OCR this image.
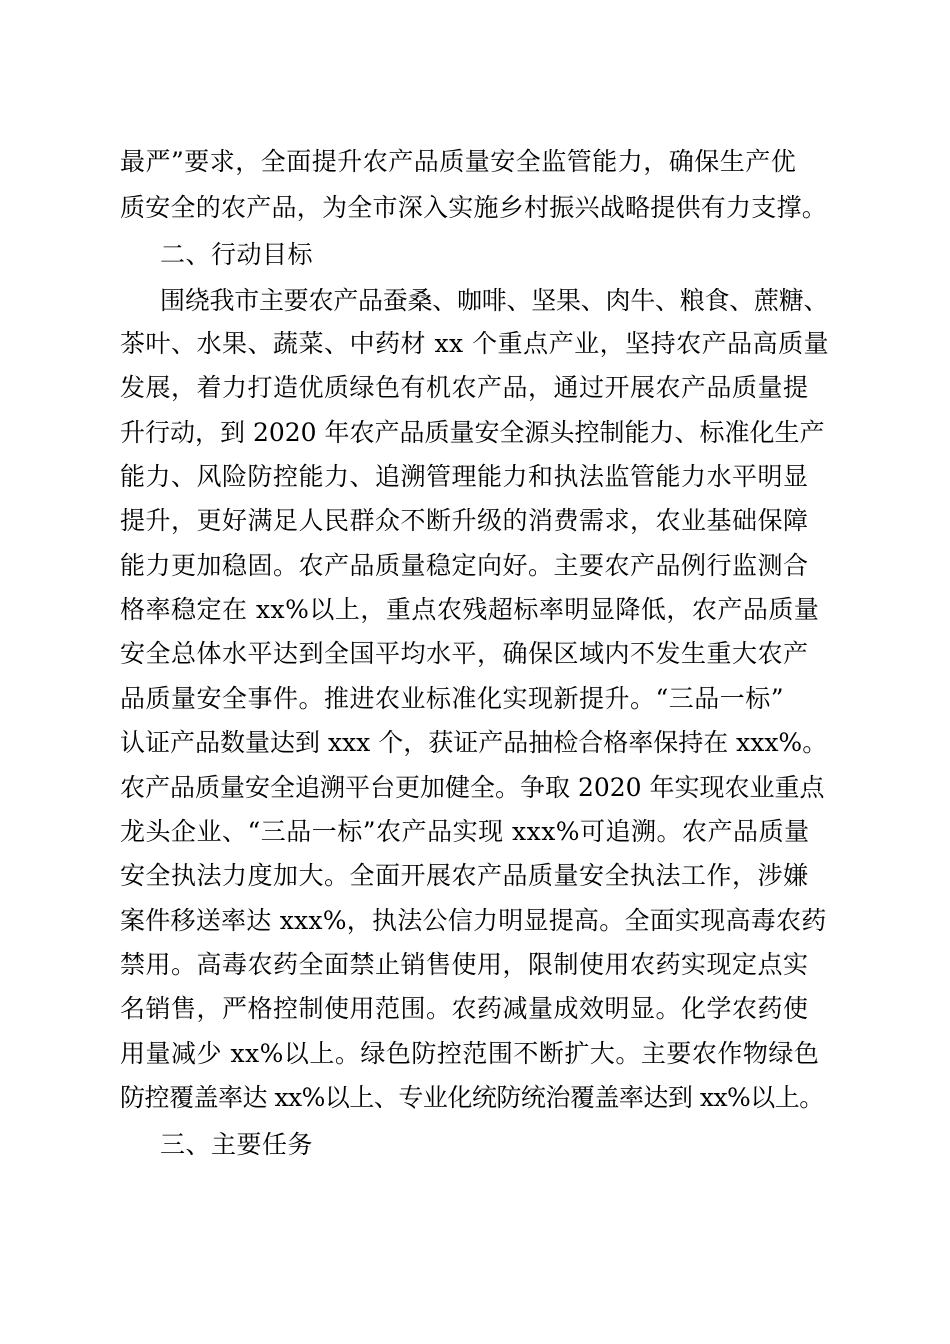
最严”要求，全面提升农产品质量安全监管能力，确保生产优
质安全的农产品，为全市深入实施乡村振兴战略提供有力支撑。
二、行动目标
围绕我市主要农产品蚕桑、咖啡、坚果、肉牛、粮食、蔗糖、
茶叶、水果、蔬菜、中药材 xx 个重点产业，坚持农产品高质量
发展，着力打造优质绿色有机农产品，通过开展农产品质量提
升行动，到 2020 年农产品质量安全源头控制能力、标准化生产
能力、风险防控能力、追溯管理能力和执法监管能力水平明显
提升，更好满足人民群众不断升级的消费需求，农业基础保障
能力更加稳固。农产品质量稳定向好。主要农产品例行监测合
格率稳定在 xx%以上，重点农残超标率明显降低，农产品质量
安全总体水平达到全国平均水平，确保区域内不发生重大农产
品质量安全事件。推进农业标准化实现新提升。“三品一标”
认证产品数量达到 xxx 个，获证产品抽检合格率保持在 xxx%。
农产品质量安全追溯平台更加健全。争取 2020 年实现农业重点
龙头企业、“三品一标”农产品实现 xxx%可追溯。农产品质量
安全执法力度加大。全面开展农产品质量安全执法工作，涉嫌
案件移送率达 xxx%，执法公信力明显提高。全面实现高毒农药
禁用。高毒农药全面禁止销售使用，限制使用农药实现定点实
名销售，严格控制使用范围。农药减量成效明显。化学农药使
用量减少 xx%以上。绿色防控范围不断扩大。主要农作物绿色
防控覆盖率达 xx%以上、专业化统防统治覆盖率达到 xx%以上。
三、主要任务
